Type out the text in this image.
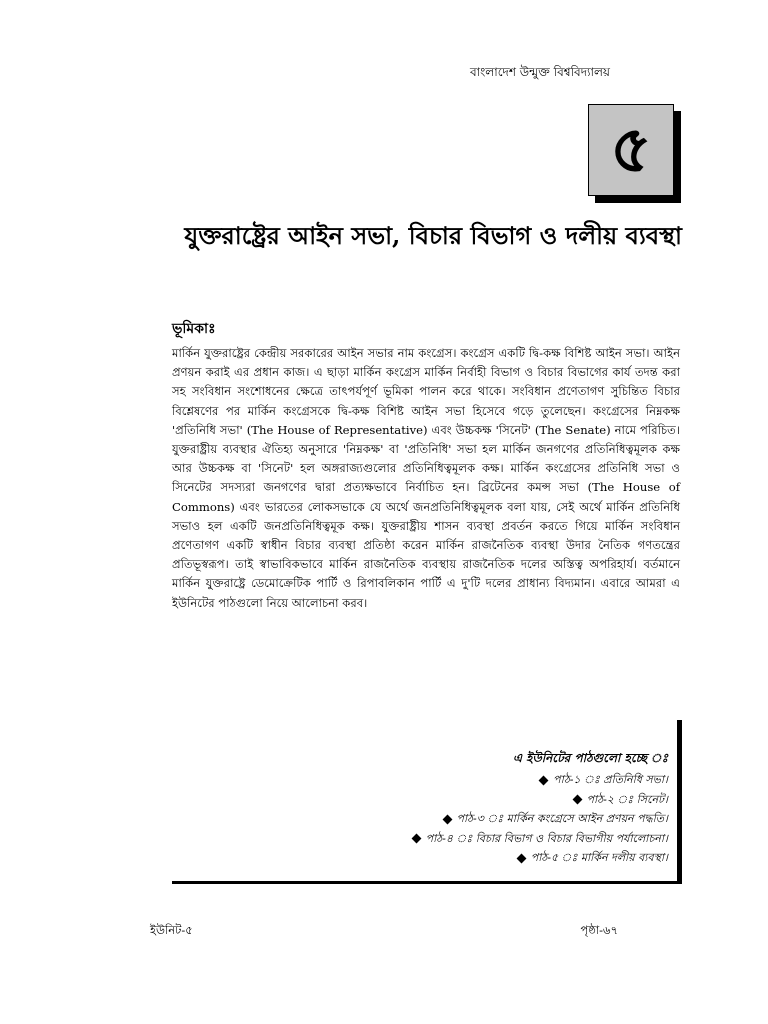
বাংলাদেশ উন্মুক্ত বিশ্ববিদ্যালয়
৫
যুক্তরাষ্ট্রের আইন সভা, বিচার বিভাগ ও দলীয় ব্যবস্থা
ভূমিকাঃ

মার্কিন যুক্তরাষ্ট্রের কেন্দ্রীয় সরকারের আইন সভার নাম কংগ্রেস। কংগ্রেস একটি দ্বি-কক্ষ বিশিষ্ট আইন সভা। আইন প্রণয়ন করাই এর প্রধান কাজ। এ ছাড়া মার্কিন কংগ্রেস মার্কিন নির্বাহী বিভাগ ও বিচার বিভাগের কার্য তদন্ত করা সহ সংবিধান সংশোধনের ক্ষেত্রে তাৎপর্যপূর্ণ ভূমিকা পালন করে থাকে। সংবিধান প্রণেতাগণ সুচিন্তিত বিচার বিশ্লেষণের পর মার্কিন কংগ্রেসকে দ্বি-কক্ষ বিশিষ্ট আইন সভা হিসেবে গড়ে তুলেছেন। কংগ্রেসের নিম্নকক্ষ 'প্রতিনিধি সভা' (The House of Representative) এবং উচ্চকক্ষ 'সিনেট' (The Senate) নামে পরিচিত। যুক্তরাষ্ট্রীয় ব্যবস্থার ঐতিহ্য অনুসারে 'নিম্নকক্ষ' বা 'প্রতিনিধি' সভা হল মার্কিন জনগণের প্রতিনিধিত্বমূলক কক্ষ আর উচ্চকক্ষ বা 'সিনেট' হল অঙ্গরাজ্যগুলোর প্রতিনিধিত্বমূলক কক্ষ। মার্কিন কংগ্রেসের প্রতিনিধি সভা ও সিনেটের সদস্যরা জনগণের দ্বারা প্রত্যক্ষভাবে নির্বাচিত হন। ব্রিটেনের কমন্স সভা (The House of Commons) এবং ভারতের লোকসভাকে যে অর্থে জনপ্রতিনিধিত্বমূলক বলা যায়, সেই অর্থে মার্কিন প্রতিনিধি সভাও হল একটি জনপ্রতিনিধিত্বমূক কক্ষ। যুক্তরাষ্ট্রীয় শাসন ব্যবস্থা প্রবর্তন করতে গিয়ে মার্কিন সংবিধান প্রণেতাগণ একটি স্বাধীন বিচার ব্যবস্থা প্রতিষ্ঠা করেন মার্কিন রাজনৈতিক ব্যবস্থা উদার নৈতিক গণতন্ত্রের প্রতিভূস্বরূপ। তাই স্বাভাবিকভাবে মার্কিন রাজনৈতিক ব্যবস্থায় রাজনৈতিক দলের অস্তিত্ব অপরিহার্য। বর্তমানে মার্কিন যুক্তরাষ্ট্রে ডেমোক্রেটিক পার্টি ও রিপাবলিকান পার্টি এ দু'টি দলের প্রাধান্য বিদ্যমান। এবারে আমরা এ ইউনিটের পাঠগুলো নিয়ে আলোচনা করব।

এ ইউনিটের পাঠগুলো হচ্ছে ঃ
পাঠ-১ ঃ প্রতিনিধি সভা।
পাঠ-২ ঃ সিনেট।
পাঠ-৩ ঃ মার্কিন কংগ্রেসে আইন প্রণয়ন পদ্ধতি।
পাঠ-৪ ঃ বিচার বিভাগ ও বিচার বিভাগীয় পর্যালোচনা।
পাঠ-৫ ঃ মার্কিন দলীয় ব্যবস্থা।
ইউনিট-৫	পৃষ্ঠা-৬৭
